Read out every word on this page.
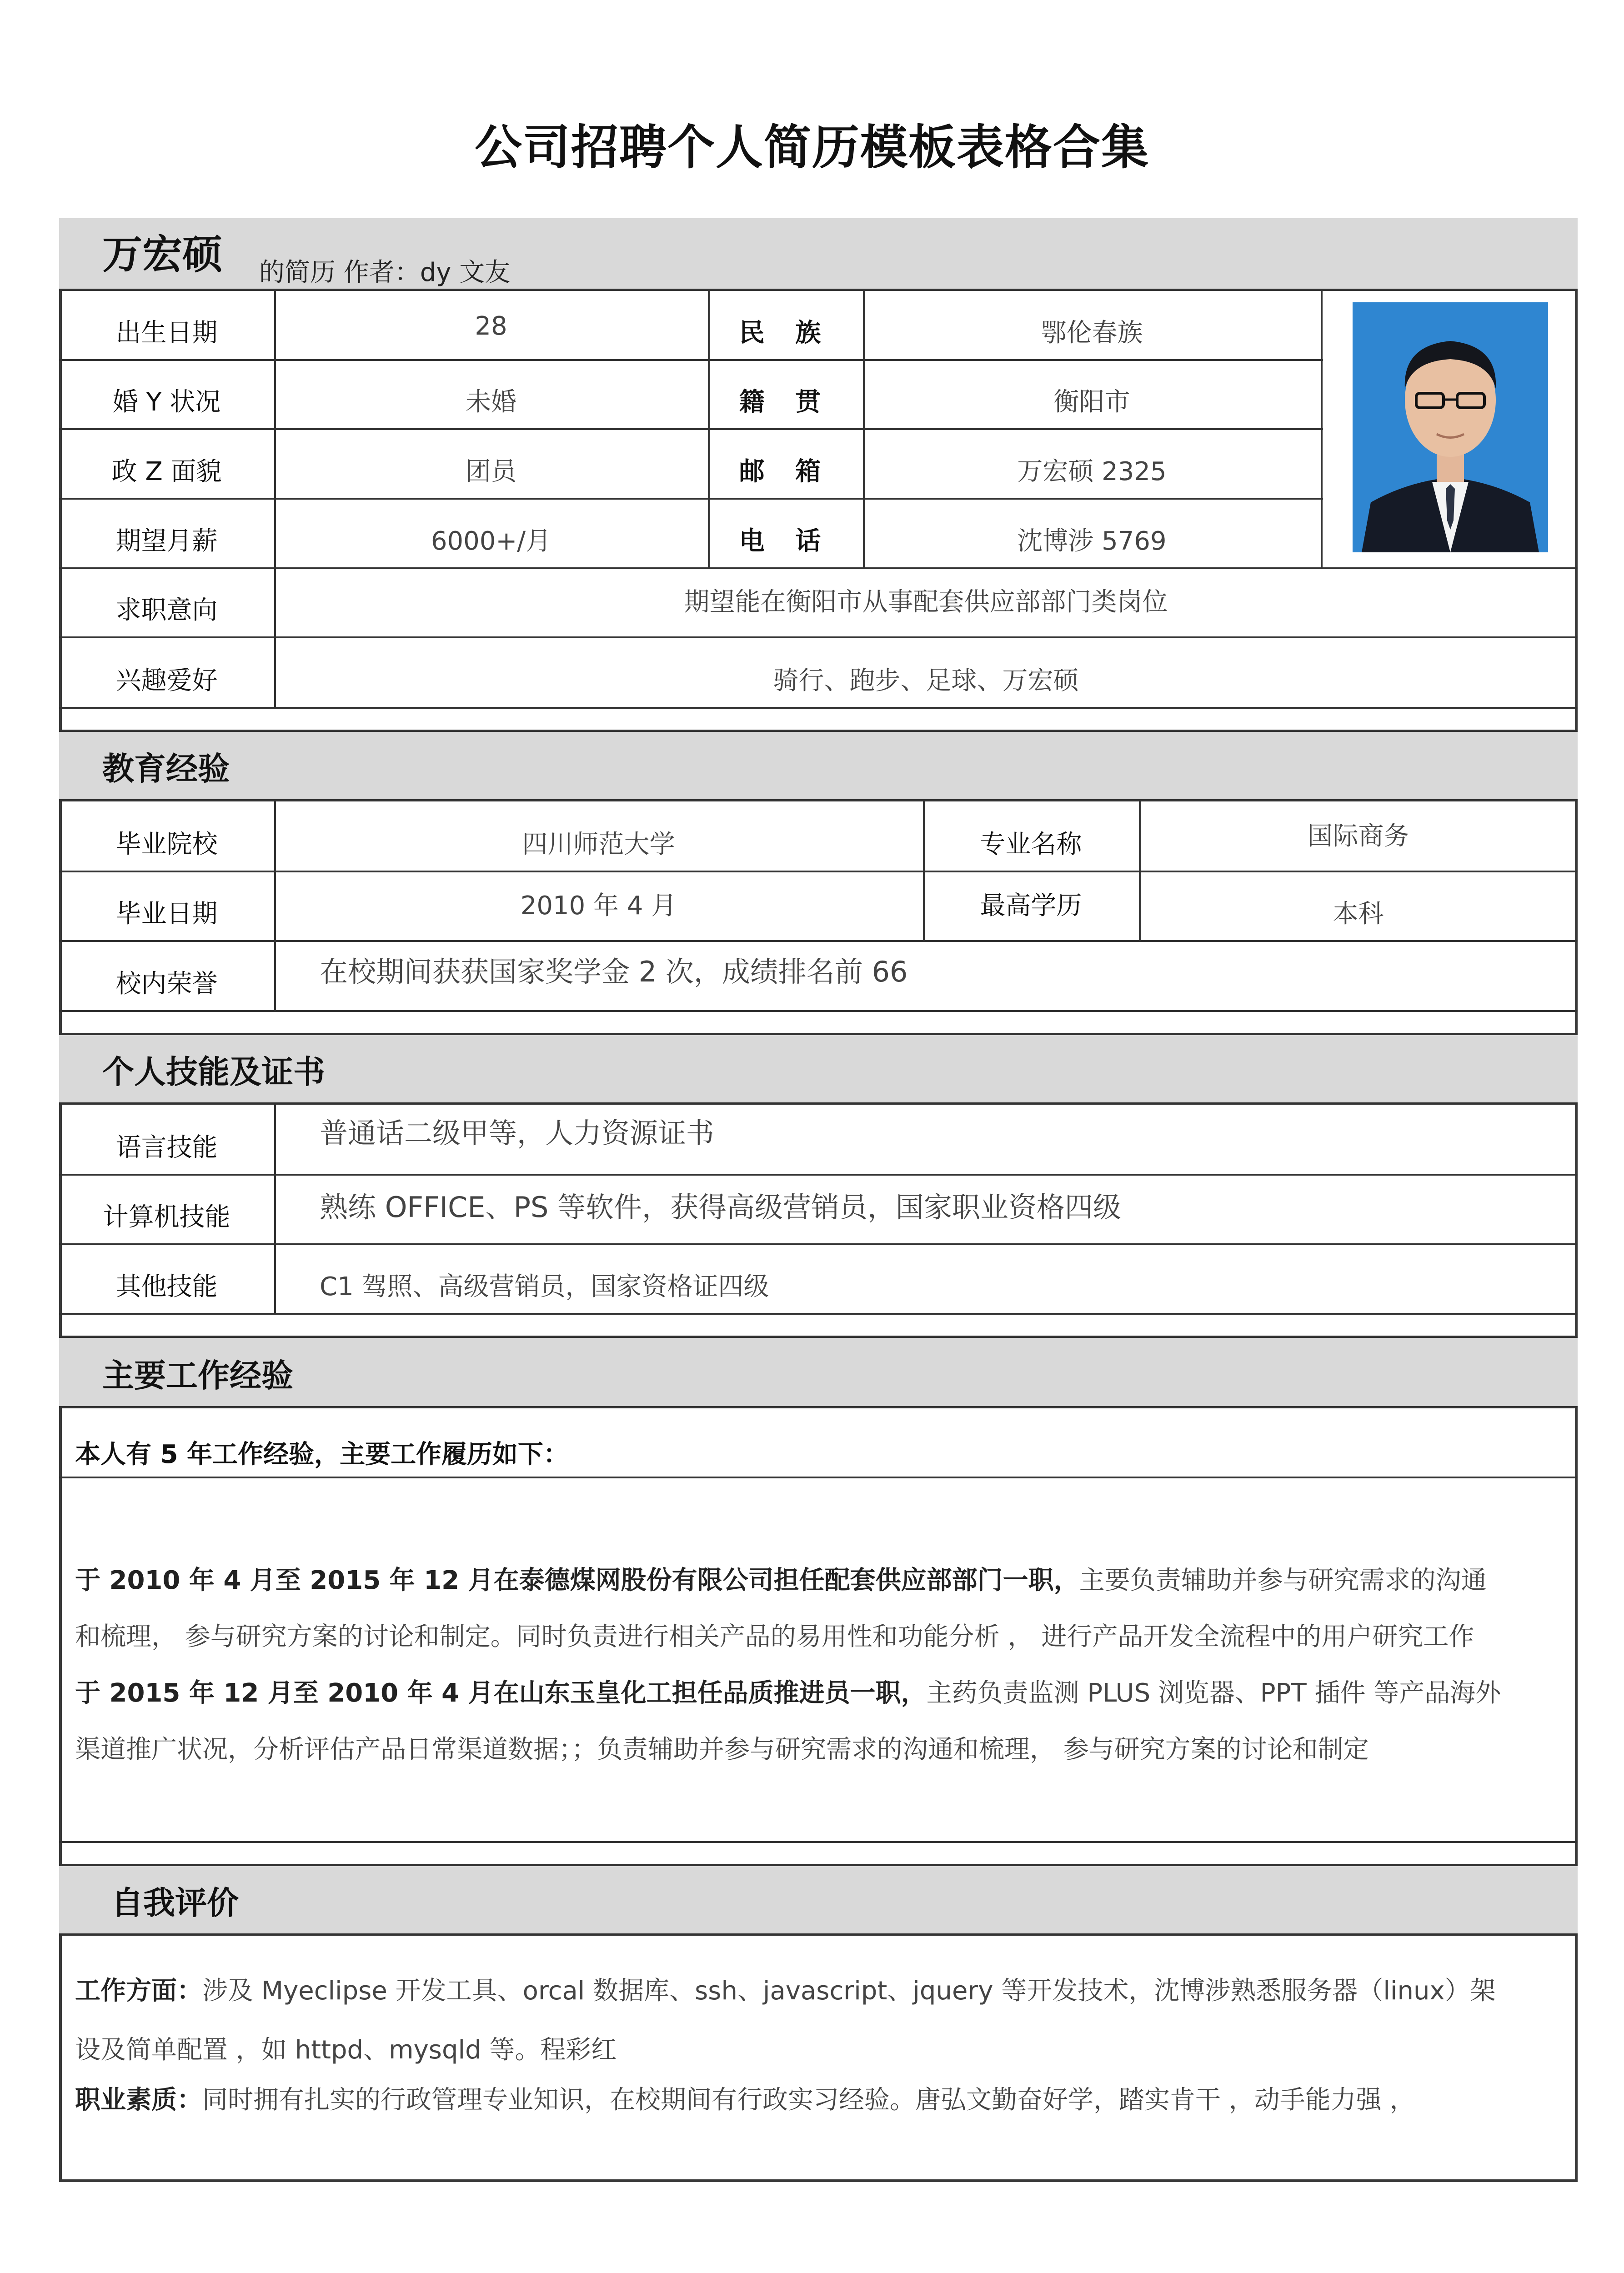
公司招聘个人简历模板表格合集
万宏硕 的简历 作者：dy 文友
出生日期	28	民 族	鄂伦春族
婚 Y 状况	未婚	籍 贯	衡阳市
政 Z 面貌	团员	邮 箱	万宏硕 2325
期望月薪	6000+/月	电 话	沈博涉 5769
求职意向	期望能在衡阳市从事配套供应部部门类岗位
兴趣爱好	骑行、跑步、足球、万宏硕
教育经验
毕业院校	四川师范大学	专业名称	国际商务
毕业日期	2010 年 4 月	最高学历	本科
校内荣誉	在校期间获获国家奖学金 2 次，成绩排名前 66
个人技能及证书
语言技能	普通话二级甲等，人力资源证书
计算机技能	熟练 OFFICE、PS 等软件，获得高级营销员，国家职业资格四级
其他技能	C1 驾照、高级营销员，国家资格证四级
主要工作经验
本人有 5 年工作经验，主要工作履历如下：
于 2010 年 4 月至 2015 年 12 月在泰德煤网股份有限公司担任配套供应部部门一职，主要负责辅助并参与研究需求的沟通
和梳理， 参与研究方案的讨论和制定。同时负责进行相关产品的易用性和功能分析 ， 进行产品开发全流程中的用户研究工作
于 2015 年 12 月至 2010 年 4 月在山东玉皇化工担任品质推进员一职，主药负责监测 PLUS 浏览器、PPT 插件 等产品海外
渠道推广状况，分析评估产品日常渠道数据；；负责辅助并参与研究需求的沟通和梳理， 参与研究方案的讨论和制定
自我评价
工作方面：涉及 Myeclipse 开发工具、orcal 数据库、ssh、javascript、jquery 等开发技术，沈博涉熟悉服务器（linux）架
设及简单配置 ，如 httpd、mysqld 等。程彩红
职业素质：同时拥有扎实的行政管理专业知识，在校期间有行政实习经验。唐弘文勤奋好学，踏实肯干 ，动手能力强 ，
